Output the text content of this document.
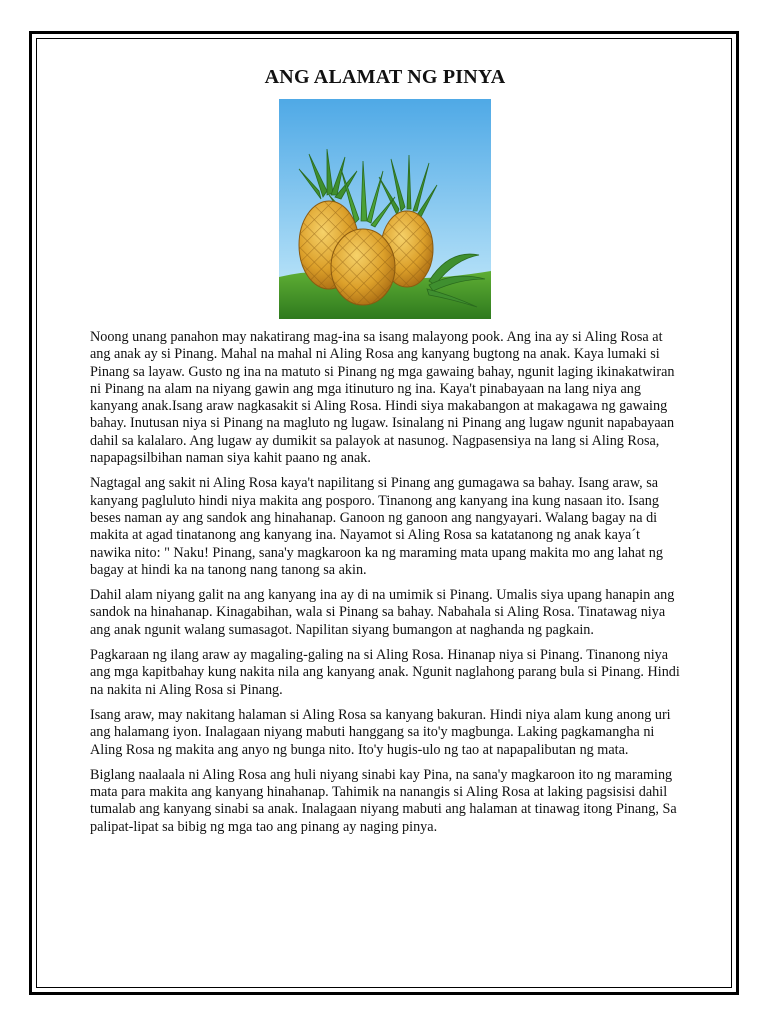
ANG ALAMAT NG PINYA

Noong unang panahon may nakatirang mag-ina sa isang malayong pook. Ang ina ay si Aling Rosa at ang anak ay si Pinang. Mahal na mahal ni Aling Rosa ang kanyang bugtong na anak. Kaya lumaki si Pinang sa layaw. Gusto ng ina na matuto si Pinang ng mga gawaing bahay, ngunit laging ikinakatwiran ni Pinang na alam na niyang gawin ang mga itinuturo ng ina. Kaya't pinabayaan na lang niya ang kanyang anak.Isang araw nagkasakit si Aling Rosa. Hindi siya makabangon at makagawa ng gawaing bahay. Inutusan niya si Pinang na magluto ng lugaw. Isinalang ni Pinang ang lugaw ngunit napabayaan dahil sa kalalaro. Ang lugaw ay dumikit sa palayok at nasunog. Nagpasensiya na lang si Aling Rosa, napapagsilbihan naman siya kahit paano ng anak.

Nagtagal ang sakit ni Aling Rosa kaya't napilitang si Pinang ang gumagawa sa bahay. Isang araw, sa kanyang pagluluto hindi niya makita ang posporo. Tinanong ang kanyang ina kung nasaan ito. Isang beses naman ay ang sandok ang hinahanap. Ganoon ng ganoon ang nangyayari. Walang bagay na di makita at agad tinatanong ang kanyang ina. Nayamot si Aling Rosa sa katatanong ng anak kaya´t nawika nito: " Naku! Pinang, sana'y magkaroon ka ng maraming mata upang makita mo ang lahat ng bagay at hindi ka na tanong nang tanong sa akin.

Dahil alam niyang galit na ang kanyang ina ay di na umimik si Pinang. Umalis siya upang hanapin ang sandok na hinahanap. Kinagabihan, wala si Pinang sa bahay. Nabahala si Aling Rosa. Tinatawag niya ang anak ngunit walang sumasagot. Napilitan siyang bumangon at naghanda ng pagkain.

Pagkaraan ng ilang araw ay magaling-galing na si Aling Rosa. Hinanap niya si Pinang. Tinanong niya ang mga kapitbahay kung nakita nila ang kanyang anak. Ngunit naglahong parang bula si Pinang. Hindi na nakita ni Aling Rosa si Pinang.

Isang araw, may nakitang halaman si Aling Rosa sa kanyang bakuran. Hindi niya alam kung anong uri ang halamang iyon. Inalagaan niyang mabuti hanggang sa ito'y magbunga. Laking pagkamangha ni Aling Rosa ng makita ang anyo ng bunga nito. Ito'y hugis-ulo ng tao at napapalibutan ng mata.

Biglang naalaala ni Aling Rosa ang huli niyang sinabi kay Pina, na sana'y magkaroon ito ng maraming mata para makita ang kanyang hinahanap. Tahimik na nanangis si Aling Rosa at laking pagsisisi dahil tumalab ang kanyang sinabi sa anak. Inalagaan niyang mabuti ang halaman at tinawag itong Pinang, Sa palipat-lipat sa bibig ng mga tao ang pinang ay naging pinya.
